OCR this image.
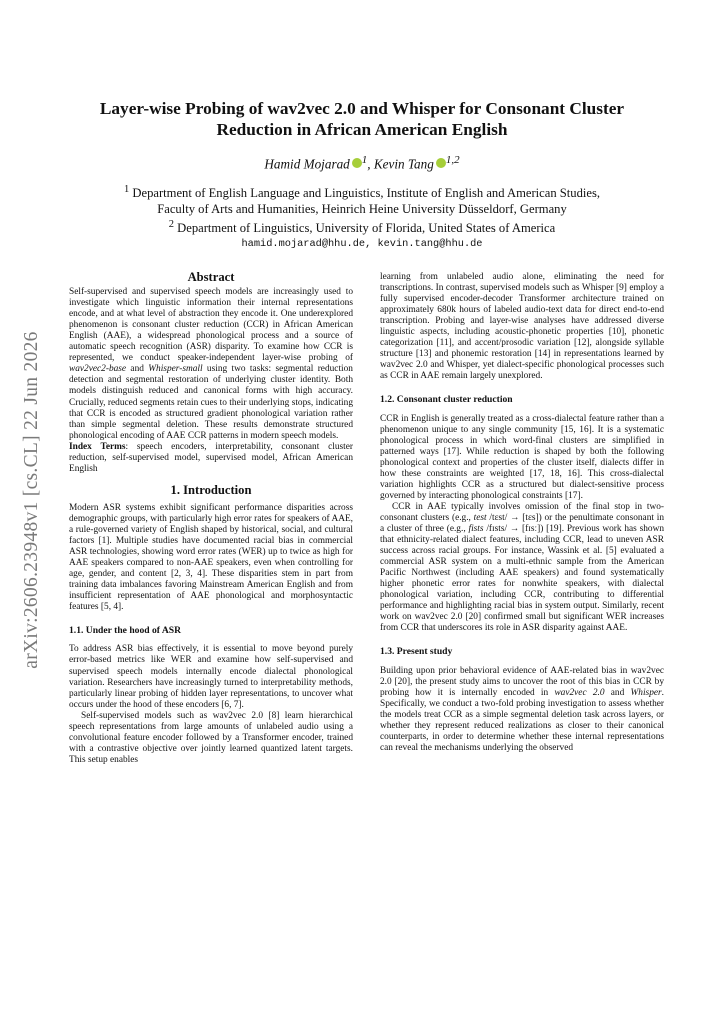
arXiv:2606.23948v1 [cs.CL] 22 Jun 2026
Layer-wise Probing of wav2vec 2.0 and Whisper for Consonant Cluster
Reduction in African American English
Hamid Mojarad $^1$, Kevin Tang $^{1,2}$
$^1$ Department of English Language and Linguistics, Institute of English and American Studies,
Faculty of Arts and Humanities, Heinrich Heine University Düsseldorf, Germany
$^2$ Department of Linguistics, University of Florida, United States of America
hamid.mojarad@hhu.de, kevin.tang@hhu.de
Abstract

Self-supervised and supervised speech models are increasingly used to investigate which linguistic information their internal representations encode, and at what level of abstraction they encode it. One underexplored phenomenon is consonant cluster reduction (CCR) in African American English (AAE), a widespread phonological process and a source of automatic speech recognition (ASR) disparity. To examine how CCR is represented, we conduct speaker-independent layer-wise probing of wav2vec2-base and Whisper-small using two tasks: segmental reduction detection and segmental restoration of underlying cluster identity. Both models distinguish reduced and canonical forms with high accuracy. Crucially, reduced segments retain cues to their underlying stops, indicating that CCR is encoded as structured gradient phonological variation rather than simple segmental deletion. These results demonstrate structured phonological encoding of AAE CCR patterns in modern speech models.

Index Terms: speech encoders, interpretability, consonant cluster reduction, self-supervised model, supervised model, African American English

1. Introduction

Modern ASR systems exhibit significant performance disparities across demographic groups, with particularly high error rates for speakers of AAE, a rule-governed variety of English shaped by historical, social, and cultural factors [1]. Multiple studies have documented racial bias in commercial ASR technologies, showing word error rates (WER) up to twice as high for AAE speakers compared to non-AAE speakers, even when controlling for age, gender, and content [2, 3, 4]. These disparities stem in part from training data imbalances favoring Mainstream American English and from insufficient representation of AAE phonological and morphosyntactic features [5, 4].

1.1. Under the hood of ASR

To address ASR bias effectively, it is essential to move beyond purely error-based metrics like WER and examine how self-supervised and supervised speech models internally encode dialectal phonological variation. Researchers have increasingly turned to interpretability methods, particularly linear probing of hidden layer representations, to uncover what occurs under the hood of these encoders [6, 7].

Self-supervised models such as wav2vec 2.0 [8] learn hierarchical speech representations from large amounts of unlabeled audio using a convolutional feature encoder followed by a Transformer encoder, trained with a contrastive objective over jointly learned quantized latent targets. This setup enables

learning from unlabeled audio alone, eliminating the need for transcriptions. In contrast, supervised models such as Whisper [9] employ a fully supervised encoder-decoder Transformer architecture trained on approximately 680k hours of labeled audio-text data for direct end-to-end transcription. Probing and layer-wise analyses have addressed diverse linguistic aspects, including acoustic-phonetic properties [10], phonetic categorization [11], and accent/prosodic variation [12], alongside syllable structure [13] and phonemic restoration [14] in representations learned by wav2vec 2.0 and Whisper, yet dialect-specific phonological processes such as CCR in AAE remain largely unexplored.

1.2. Consonant cluster reduction

CCR in English is generally treated as a cross-dialectal feature rather than a phenomenon unique to any single community [15, 16]. It is a systematic phonological process in which word-final clusters are simplified in patterned ways [17]. While reduction is shaped by both the following phonological context and properties of the cluster itself, dialects differ in how these constraints are weighted [17, 18, 16]. This cross-dialectal variation highlights CCR as a structured but dialect-sensitive process governed by interacting phonological constraints [17].

CCR in AAE typically involves omission of the final stop in two-consonant clusters (e.g., test /tɛst/ → [tɛs]) or the penultimate consonant in a cluster of three (e.g., fists /fɪsts/ → [fɪsː]) [19]. Previous work has shown that ethnicity-related dialect features, including CCR, lead to uneven ASR success across racial groups. For instance, Wassink et al. [5] evaluated a commercial ASR system on a multi-ethnic sample from the American Pacific Northwest (including AAE speakers) and found systematically higher phonetic error rates for nonwhite speakers, with dialectal phonological variation, including CCR, contributing to differential performance and highlighting racial bias in system output. Similarly, recent work on wav2vec 2.0 [20] confirmed small but significant WER increases from CCR that underscores its role in ASR disparity against AAE.

1.3. Present study

Building upon prior behavioral evidence of AAE-related bias in wav2vec 2.0 [20], the present study aims to uncover the root of this bias in CCR by probing how it is internally encoded in wav2vec 2.0 and Whisper. Specifically, we conduct a two-fold probing investigation to assess whether the models treat CCR as a simple segmental deletion task across layers, or whether they represent reduced realizations as closer to their canonical counterparts, in order to determine whether these internal representations can reveal the mechanisms underlying the observed
